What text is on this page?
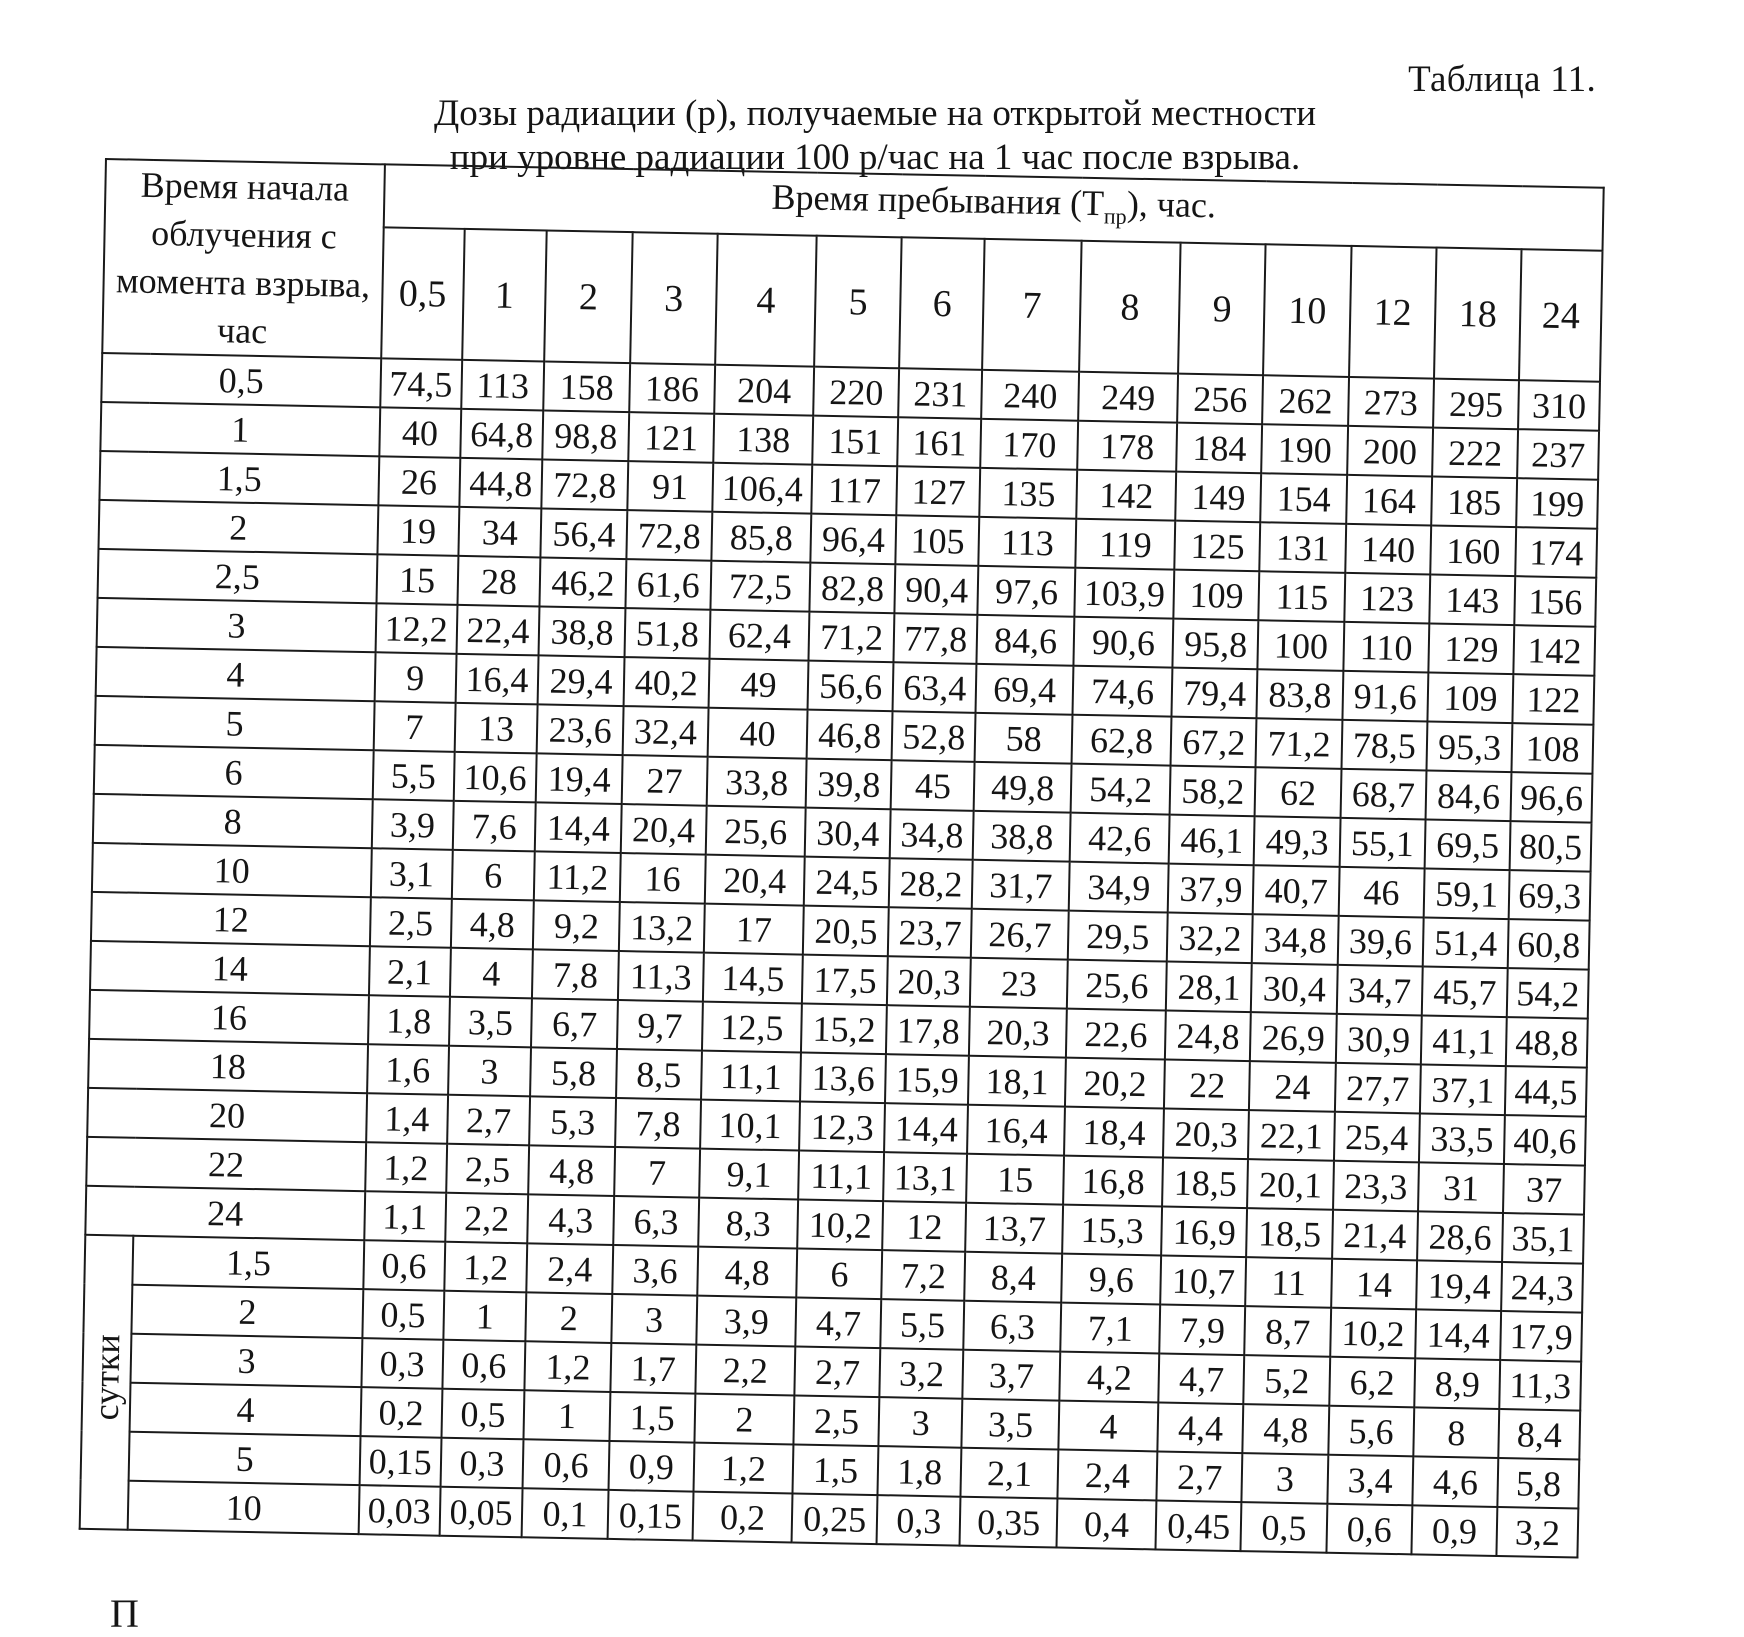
Таблица 11.
Дозы радиации (р), получаемые на открытой местности
при уровне радиации 100 р/час на 1 час после взрыва.
Время начала облучения с момента взрыва, час		Время пребывания $(Т_{пр})$, час.													
		0,5	1	2	3	4	5	6	7	8	9	10	12	18	24
0,5		74,5	113	158	186	204	220	231	240	249	256	262	273	295	310
1		40	64,8	98,8	121	138	151	161	170	178	184	190	200	222	237
1,5		26	44,8	72,8	91	106,4	117	127	135	142	149	154	164	185	199
2		19	34	56,4	72,8	85,8	96,4	105	113	119	125	131	140	160	174
2,5		15	28	46,2	61,6	72,5	82,8	90,4	97,6	103,9	109	115	123	143	156
3		12,2	22,4	38,8	51,8	62,4	71,2	77,8	84,6	90,6	95,8	100	110	129	142
4		9	16,4	29,4	40,2	49	56,6	63,4	69,4	74,6	79,4	83,8	91,6	109	122
5		7	13	23,6	32,4	40	46,8	52,8	58	62,8	67,2	71,2	78,5	95,3	108
6		5,5	10,6	19,4	27	33,8	39,8	45	49,8	54,2	58,2	62	68,7	84,6	96,6
8		3,9	7,6	14,4	20,4	25,6	30,4	34,8	38,8	42,6	46,1	49,3	55,1	69,5	80,5
10		3,1	6	11,2	16	20,4	24,5	28,2	31,7	34,9	37,9	40,7	46	59,1	69,3
12		2,5	4,8	9,2	13,2	17	20,5	23,7	26,7	29,5	32,2	34,8	39,6	51,4	60,8
14		2,1	4	7,8	11,3	14,5	17,5	20,3	23	25,6	28,1	30,4	34,7	45,7	54,2
16		1,8	3,5	6,7	9,7	12,5	15,2	17,8	20,3	22,6	24,8	26,9	30,9	41,1	48,8
18		1,6	3	5,8	8,5	11,1	13,6	15,9	18,1	20,2	22	24	27,7	37,1	44,5
20		1,4	2,7	5,3	7,8	10,1	12,3	14,4	16,4	18,4	20,3	22,1	25,4	33,5	40,6
22		1,2	2,5	4,8	7	9,1	11,1	13,1	15	16,8	18,5	20,1	23,3	31	37
24		1,1	2,2	4,3	6,3	8,3	10,2	12	13,7	15,3	16,9	18,5	21,4	28,6	35,1
сутки	1,5	0,6	1,2	2,4	3,6	4,8	6	7,2	8,4	9,6	10,7	11	14	19,4	24,3
	2	0,5	1	2	3	3,9	4,7	5,5	6,3	7,1	7,9	8,7	10,2	14,4	17,9
	3	0,3	0,6	1,2	1,7	2,2	2,7	3,2	3,7	4,2	4,7	5,2	6,2	8,9	11,3
	4	0,2	0,5	1	1,5	2	2,5	3	3,5	4	4,4	4,8	5,6	8	8,4
	5	0,15	0,3	0,6	0,9	1,2	1,5	1,8	2,1	2,4	2,7	3	3,4	4,6	5,8
	10	0,03	0,05	0,1	0,15	0,2	0,25	0,3	0,35	0,4	0,45	0,5	0,6	0,9	3,2
П
